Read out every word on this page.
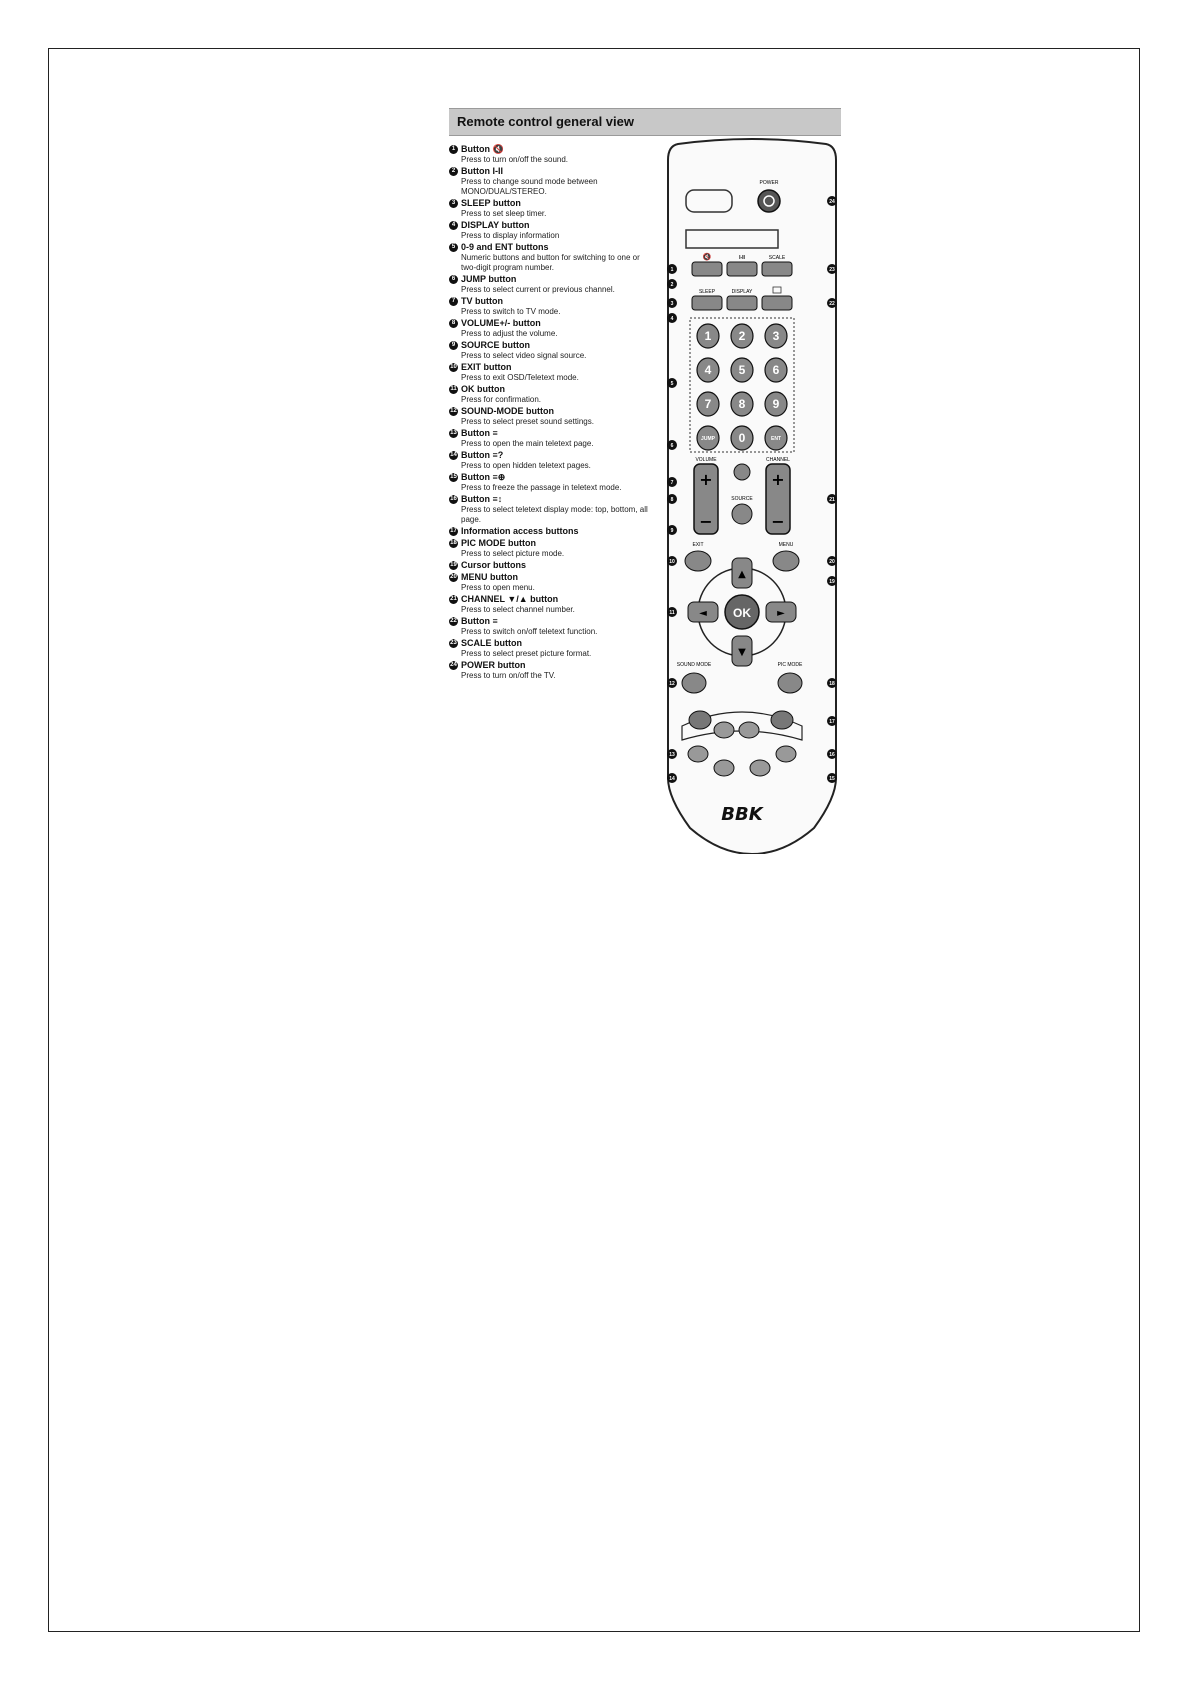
Remote control general view
1 Button 🔇
Press to turn on/off the sound.
2 Button I-II
Press to change sound mode between MONO/DUAL/STEREO.
3 SLEEP button
Press to set sleep timer.
4 DISPLAY button
Press to display information
5 0-9 and ENT buttons
Numeric buttons and button for switching to one or two-digit program number.
6 JUMP button
Press to select current or previous channel.
7 TV button
Press to switch to TV mode.
8 VOLUME+/- button
Press to adjust the volume.
9 SOURCE button
Press to select video signal source.
10 EXIT button
Press to exit OSD/Teletext mode.
11 OK button
Press for confirmation.
12 SOUND-MODE button
Press to select preset sound settings.
13 Button ≡
Press to open the main teletext page.
14 Button ≡?
Press to open hidden teletext pages.
15 Button ≡⊕
Press to freeze the passage in teletext mode.
16 Button ≡↕
Press to select teletext display mode: top, bottom, all page.
17 Information access buttons
18 PIC MODE button
Press to select picture mode.
19 Cursor buttons
20 MENU button
Press to open menu.
21 CHANNEL ▼/▲ button
Press to select channel number.
22 Button ≡
Press to switch on/off teletext function.
23 SCALE button
Press to select preset picture format.
24 POWER button
Press to turn on/off the TV.
POWER
🔇	I-II	SCALE
SLEEP	DISPLAY
1 2 3
4 5 6
7 8 9
JUMP 0	ENT
VOLUME
+
−
CHANNEL
+
−
SOURCE
EXIT	MENU
▲
▼
◄	►
OK
SOUND MODE	PIC MODE
BBK
1
2
3
4
5
6
7
8
9
10
11
12
13
14	15
16
17
18
19
20
21
22
23
24
